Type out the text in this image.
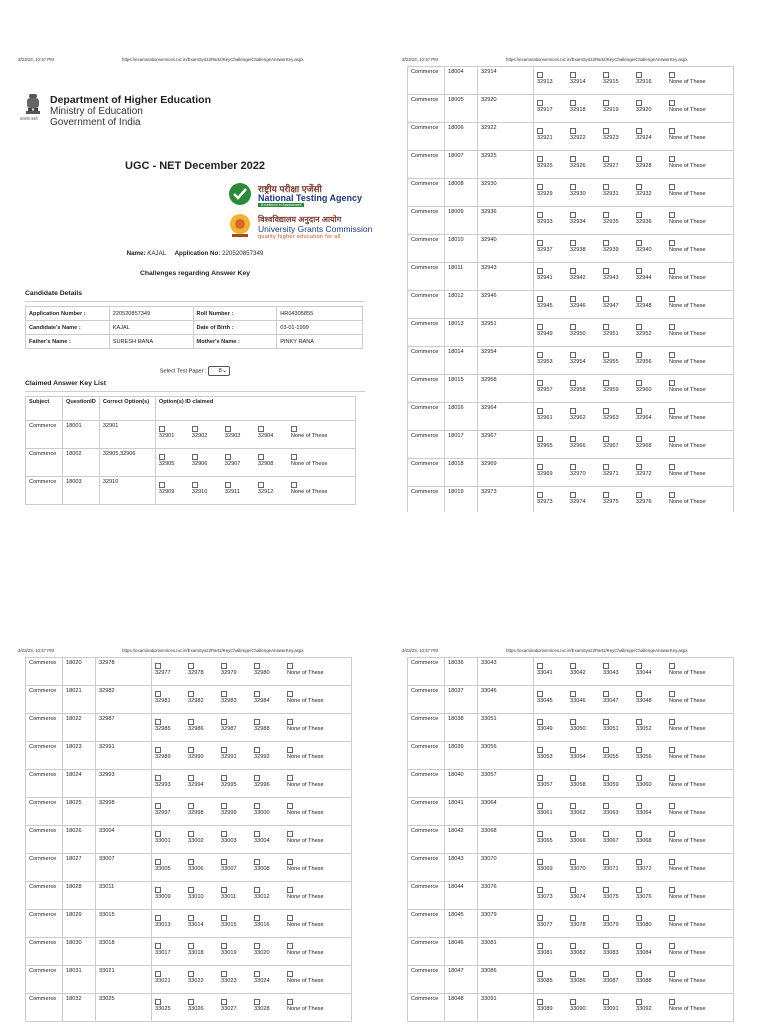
3/23/23, 10:47 PM	https://examinationservices.nic.in/ExamSys22Part2/KeyChallenge/ChallengeAnswerKey.aspx
सत्यमेव जयते
Department of Higher Education
Ministry of Education
Government of India
UGC - NET December 2022
राष्ट्रीय परीक्षा एजेंसी
National Testing Agency
Excellence in Assessment
विश्वविद्यालय अनुदान आयोग
University Grants Commission
quality higher education for all
Name: KAJAL Application No: 220520857349
Challenges regarding Answer Key
Candidate Details
Application Number :	220520857349	Roll Number :	HR04305855
Candidate's Name :	KAJAL	Date of Birth :	03-01-1999
Father's Name :	SURESH RANA	Mother's Name :	PINKY RANA
Select Test Paper : 8 ⌄
Claimed Answer Key List
Subject	QuestionID	Correct Option(s)	Option(s) ID claimed
Commerce	18001	32901	32901 32902 32903 32904 None of These

Commerce	18002	32905,32906	32905 32906 32907 32908 None of These

Commerce	18003	32910	32909 32910 32911 32912 None of These
3/23/23, 10:47 PM	https://examinationservices.nic.in/ExamSys22Part2/KeyChallenge/ChallengeAnswerKey.aspx
Commerce	18004	32914	32913 32914 32915 32916 None of These

Commerce	18005	32920	32917 32918 32919 32920 None of These

Commerce	18006	32922	32921 32922 32923 32924 None of These

Commerce	18007	32925	32925 32926 32927 32928 None of These

Commerce	18008	32930	32929 32930 32931 32932 None of These

Commerce	18009	32936	32933 32934 32935 32936 None of These

Commerce	18010	32940	32937 32938 32939 32940 None of These

Commerce	18011	32943	32941 32942 32943 32944 None of These

Commerce	18012	32946	32945 32946 32947 32948 None of These

Commerce	18013	32951	32949 32950 32951 32952 None of These

Commerce	18014	32954	32953 32954 32955 32956 None of These

Commerce	18015	32958	32957 32958 32959 32960 None of These

Commerce	18016	32964	32961 32962 32963 32964 None of These

Commerce	18017	32967	32965 32966 32967 32968 None of These

Commerce	18018	32969	32969 32970 32971 32972 None of These

Commerce	18019	32973	32973 32974 32975 32976 None of These
3/23/23, 10:47 PM	https://examinationservices.nic.in/ExamSys22Part2/KeyChallenge/ChallengeAnswerKey.aspx
Commerce	18020	32978	32977 32978 32979 32980 None of These

Commerce	18021	32982	32981 32982 32983 32984 None of These

Commerce	18022	32987	32985 32986 32987 32988 None of These

Commerce	18023	32991	32989 32990 32991 32992 None of These

Commerce	18024	32993	32993 32994 32995 32996 None of These

Commerce	18025	32998	32997 32998 32999 33000 None of These

Commerce	18026	33004	33001 33002 33003 33004 None of These

Commerce	18027	33007	33005 33006 33007 33008 None of These

Commerce	18028	33011	33009 33010 33011 33012 None of These

Commerce	18029	33015	33013 33014 33015 33016 None of These

Commerce	18030	33018	33017 33018 33019 33020 None of These

Commerce	18031	33021	33021 33022 33023 33024 None of These

Commerce	18032	33025	33025 33026 33027 33028 None of These
3/23/23, 10:47 PM	https://examinationservices.nic.in/ExamSys22Part2/KeyChallenge/ChallengeAnswerKey.aspx
Commerce	18036	33043	33041 33042 33043 33044 None of These

Commerce	18037	33046	33045 33046 33047 33048 None of These

Commerce	18038	33051	33049 33050 33051 33052 None of These

Commerce	18039	33056	33053 33054 33055 33056 None of These

Commerce	18040	33057	33057 33058 33059 33060 None of These

Commerce	18041	33064	33061 33062 33063 33064 None of These

Commerce	18042	33068	33065 33066 33067 33068 None of These

Commerce	18043	33070	33069 33070 33071 33072 None of These

Commerce	18044	33076	33073 33074 33075 33076 None of These

Commerce	18045	33079	33077 33078 33079 33080 None of These

Commerce	18046	33081	33081 33082 33083 33084 None of These

Commerce	18047	33086	33085 33086 33087 33088 None of These

Commerce	18048	33091	33089 33090 33091 33092 None of These
